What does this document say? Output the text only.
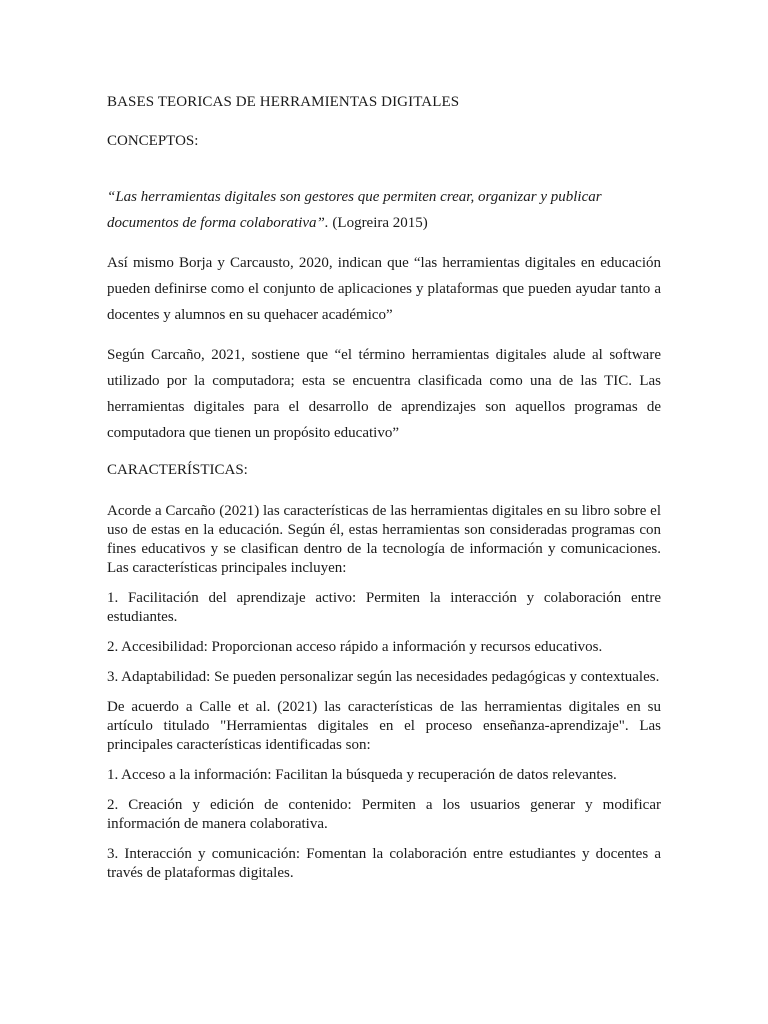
BASES TEORICAS DE HERRAMIENTAS DIGITALES

CONCEPTOS:

“Las herramientas digitales son gestores que permiten crear, organizar y publicar documentos de forma colaborativa”. (Logreira 2015)

Así mismo Borja y Carcausto, 2020, indican que “las herramientas digitales en educación pueden definirse como el conjunto de aplicaciones y plataformas que pueden ayudar tanto a docentes y alumnos en su quehacer académico”

Según Carcaño, 2021, sostiene que “el término herramientas digitales alude al software utilizado por la computadora; esta se encuentra clasificada como una de las TIC. Las herramientas digitales para el desarrollo de aprendizajes son aquellos programas de computadora que tienen un propósito educativo”

CARACTERÍSTICAS:

Acorde a Carcaño (2021) las características de las herramientas digitales en su libro sobre el uso de estas en la educación. Según él, estas herramientas son consideradas programas con fines educativos y se clasifican dentro de la tecnología de información y comunicaciones. Las características principales incluyen:

1. Facilitación del aprendizaje activo: Permiten la interacción y colaboración entre estudiantes.

2. Accesibilidad: Proporcionan acceso rápido a información y recursos educativos.

3. Adaptabilidad: Se pueden personalizar según las necesidades pedagógicas y contextuales.

De acuerdo a Calle et al. (2021) las características de las herramientas digitales en su artículo titulado "Herramientas digitales en el proceso enseñanza-aprendizaje". Las principales características identificadas son:

1. Acceso a la información: Facilitan la búsqueda y recuperación de datos relevantes.

2. Creación y edición de contenido: Permiten a los usuarios generar y modificar información de manera colaborativa.

3. Interacción y comunicación: Fomentan la colaboración entre estudiantes y docentes a través de plataformas digitales.
